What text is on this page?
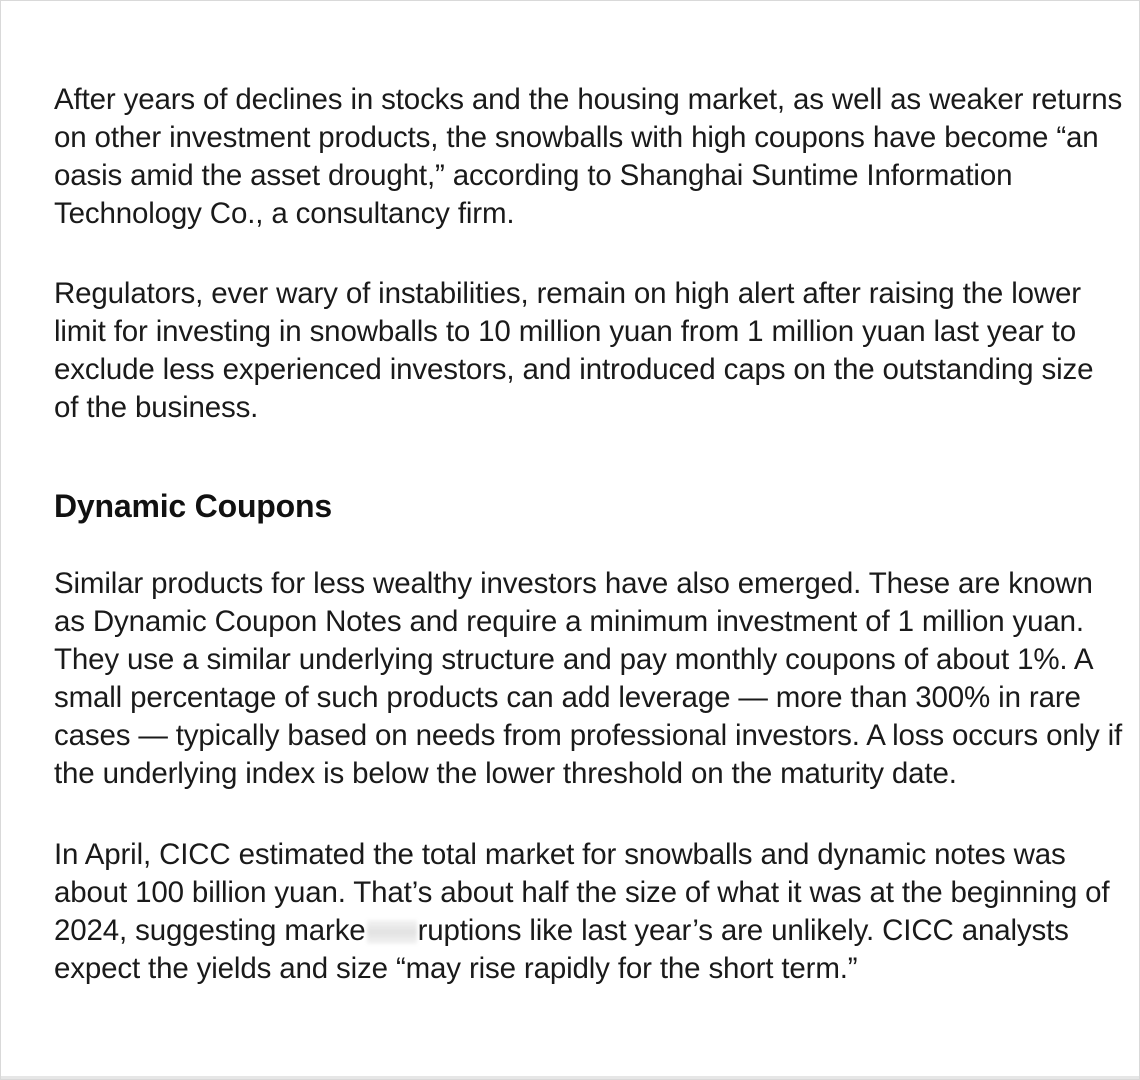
After years of declines in stocks and the housing market, as well as weaker returns on other investment products, the snowballs with high coupons have become “an oasis amid the asset drought,” according to Shanghai Suntime Information Technology Co., a consultancy firm.

Regulators, ever wary of instabilities, remain on high alert after raising the lower limit for investing in snowballs to 10 million yuan from 1 million yuan last year to exclude less experienced investors, and introduced caps on the outstanding size of the business.

Dynamic Coupons

Similar products for less wealthy investors have also emerged. These are known as Dynamic Coupon Notes and require a minimum investment of 1 million yuan. They use a similar underlying structure and pay monthly coupons of about 1%. A small percentage of such products can add leverage — more than 300% in rare cases — typically based on needs from professional investors. A loss occurs only if the underlying index is below the lower threshold on the maturity date.

In April, CICC estimated the total market for snowballs and dynamic notes was about 100 billion yuan. That’s about half the size of what it was at the beginning of 2024, suggesting marke ruptions like last year’s are unlikely. CICC analysts expect the yields and size “may rise rapidly for the short term.”
